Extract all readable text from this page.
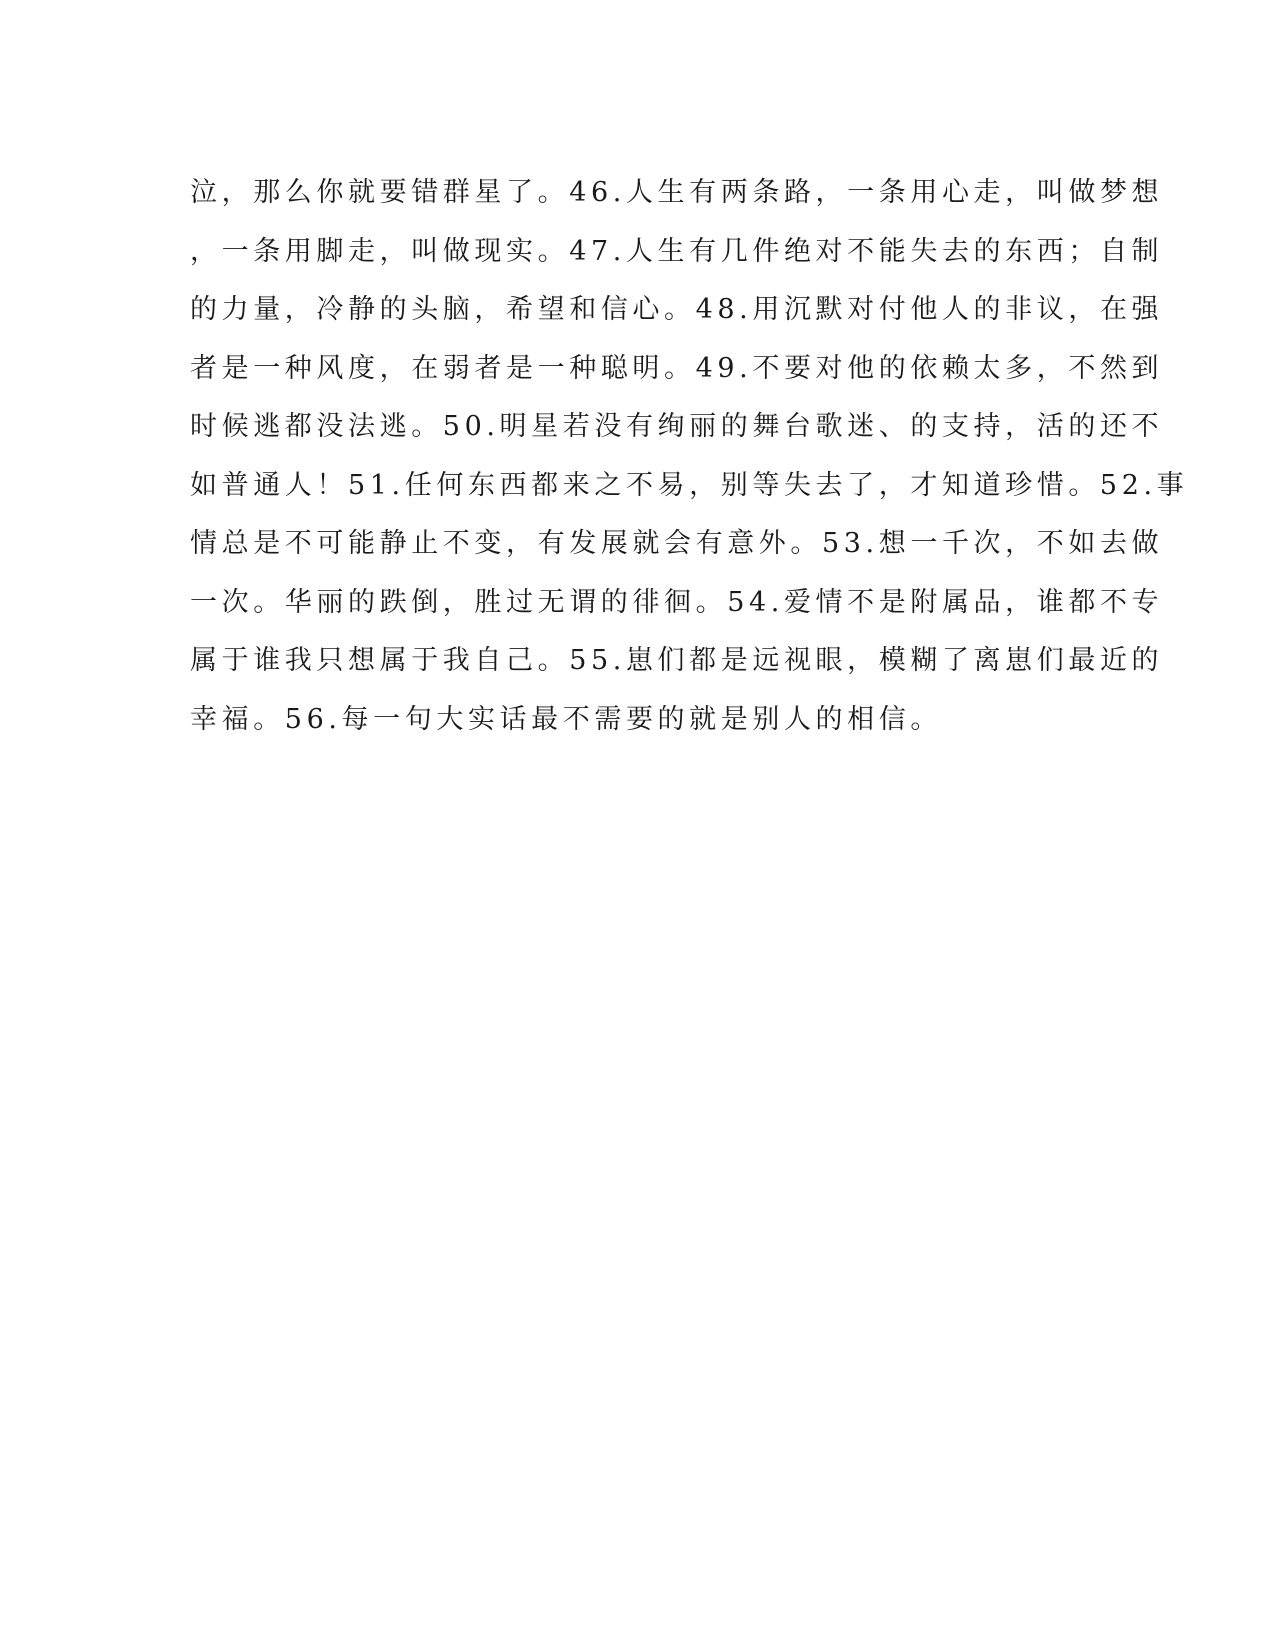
泣，那么你就要错群星了。46.人生有两条路，一条用心走，叫做梦想
，一条用脚走，叫做现实。47.人生有几件绝对不能失去的东西；自制
的力量，冷静的头脑，希望和信心。48.用沉默对付他人的非议，在强
者是一种风度，在弱者是一种聪明。49.不要对他的依赖太多，不然到
时候逃都没法逃。50.明星若没有绚丽的舞台歌迷、的支持，活的还不
如普通人！51.任何东西都来之不易，别等失去了，才知道珍惜。52.事
情总是不可能静止不变，有发展就会有意外。53.想一千次，不如去做
一次。华丽的跌倒，胜过无谓的徘徊。54.爱情不是附属品，谁都不专
属于谁我只想属于我自己。55.崽们都是远视眼，模糊了离崽们最近的
幸福。56.每一句大实话最不需要的就是别人的相信。
